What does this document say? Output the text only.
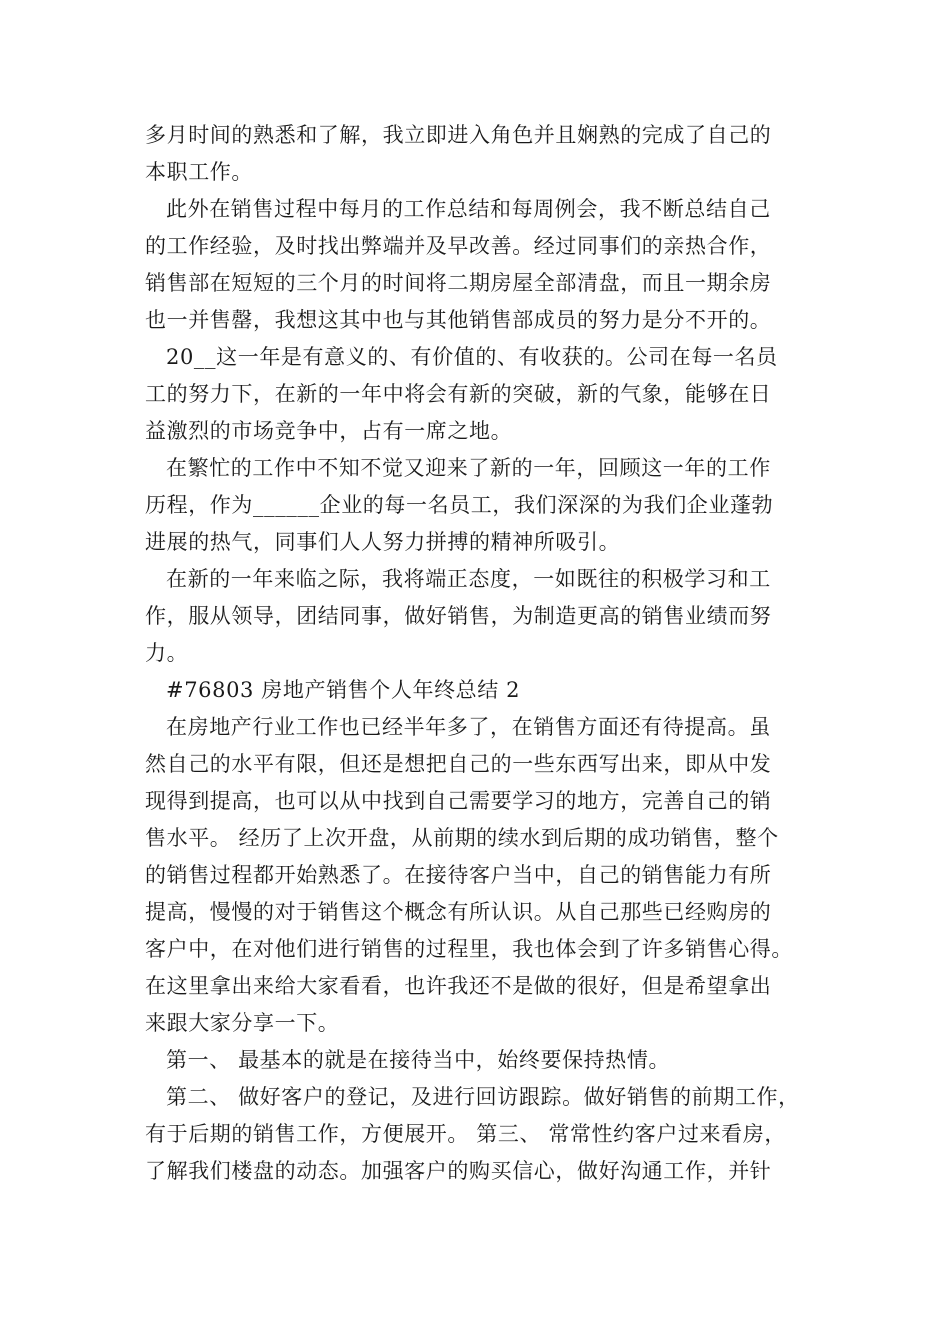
多月时间的熟悉和了解，我立即进入角色并且娴熟的完成了自己的
本职工作。
此外在销售过程中每月的工作总结和每周例会，我不断总结自己
的工作经验，及时找出弊端并及早改善。经过同事们的亲热合作，
销售部在短短的三个月的时间将二期房屋全部清盘，而且一期余房
也一并售罄，我想这其中也与其他销售部成员的努力是分不开的。
20__这一年是有意义的、有价值的、有收获的。公司在每一名员
工的努力下，在新的一年中将会有新的突破，新的气象，能够在日
益激烈的市场竞争中，占有一席之地。
在繁忙的工作中不知不觉又迎来了新的一年，回顾这一年的工作
历程，作为______企业的每一名员工，我们深深的为我们企业蓬勃
进展的热气，同事们人人努力拼搏的精神所吸引。
在新的一年来临之际，我将端正态度，一如既往的积极学习和工
作，服从领导，团结同事，做好销售，为制造更高的销售业绩而努
力。
#76803 房地产销售个人年终总结 2
在房地产行业工作也已经半年多了，在销售方面还有待提高。虽
然自己的水平有限，但还是想把自己的一些东西写出来，即从中发
现得到提高，也可以从中找到自己需要学习的地方，完善自己的销
售水平。 经历了上次开盘，从前期的续水到后期的成功销售，整个
的销售过程都开始熟悉了。在接待客户当中，自己的销售能力有所
提高，慢慢的对于销售这个概念有所认识。从自己那些已经购房的
客户中，在对他们进行销售的过程里，我也体会到了许多销售心得。
在这里拿出来给大家看看，也许我还不是做的很好，但是希望拿出
来跟大家分享一下。
第一、 最基本的就是在接待当中，始终要保持热情。
第二、 做好客户的登记，及进行回访跟踪。做好销售的前期工作，
有于后期的销售工作，方便展开。 第三、 常常性约客户过来看房，
了解我们楼盘的动态。加强客户的购买信心，做好沟通工作，并针
